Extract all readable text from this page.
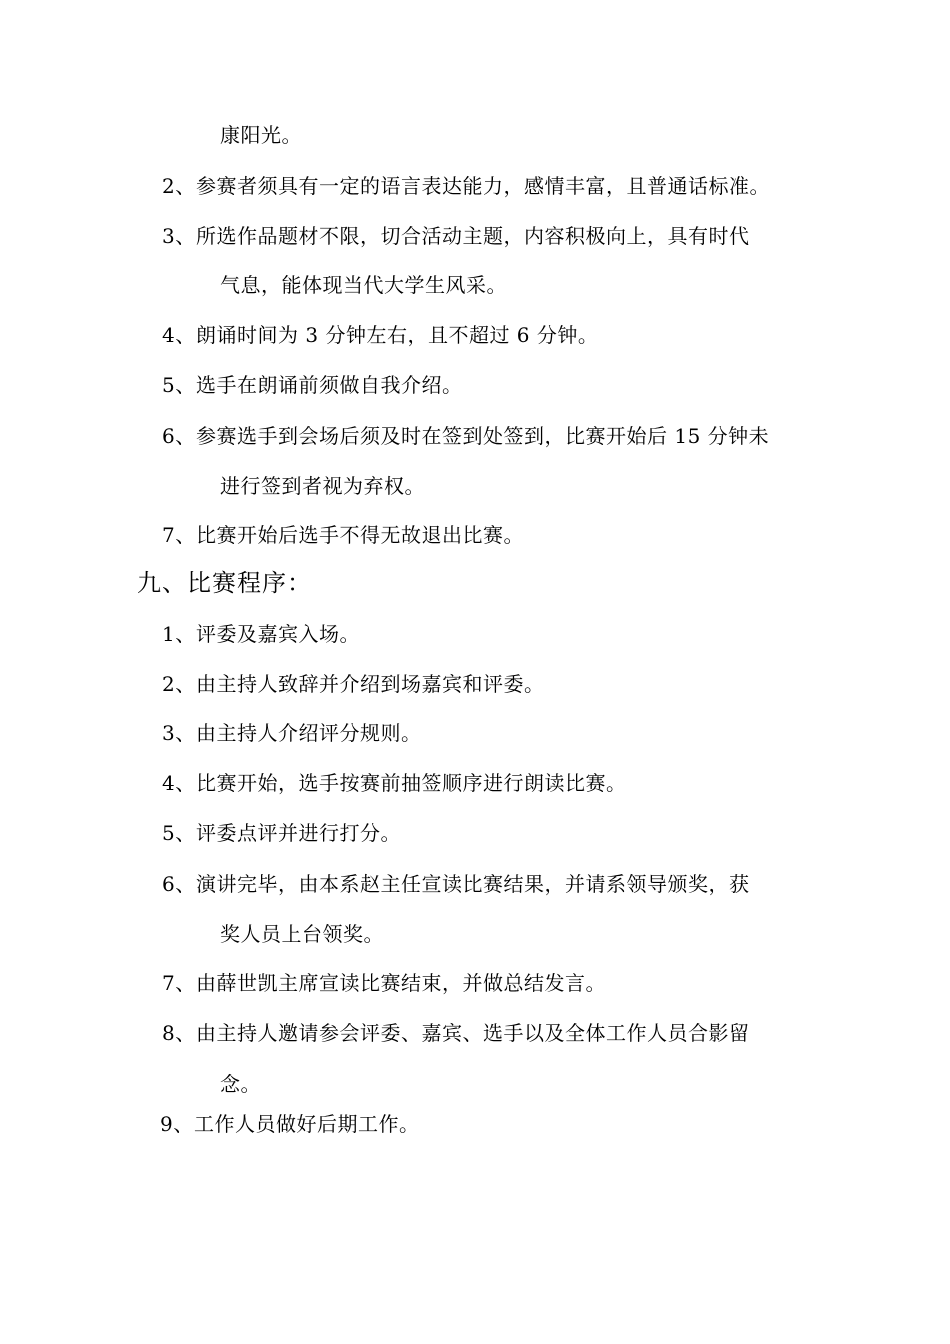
康阳光。
2、参赛者须具有一定的语言表达能力，感情丰富，且普通话标准。
3、所选作品题材不限，切合活动主题，内容积极向上，具有时代
气息，能体现当代大学生风采。
4、朗诵时间为 3 分钟左右，且不超过 6 分钟。
5、选手在朗诵前须做自我介绍。
6、参赛选手到会场后须及时在签到处签到，比赛开始后 15 分钟未
进行签到者视为弃权。
7、比赛开始后选手不得无故退出比赛。
九、比赛程序：
1、评委及嘉宾入场。
2、由主持人致辞并介绍到场嘉宾和评委。
3、由主持人介绍评分规则。
4、比赛开始，选手按赛前抽签顺序进行朗读比赛。
5、评委点评并进行打分。
6、演讲完毕，由本系赵主任宣读比赛结果，并请系领导颁奖，获
奖人员上台领奖。
7、由薛世凯主席宣读比赛结束，并做总结发言。
8、由主持人邀请参会评委、嘉宾、选手以及全体工作人员合影留
念。
9、工作人员做好后期工作。
